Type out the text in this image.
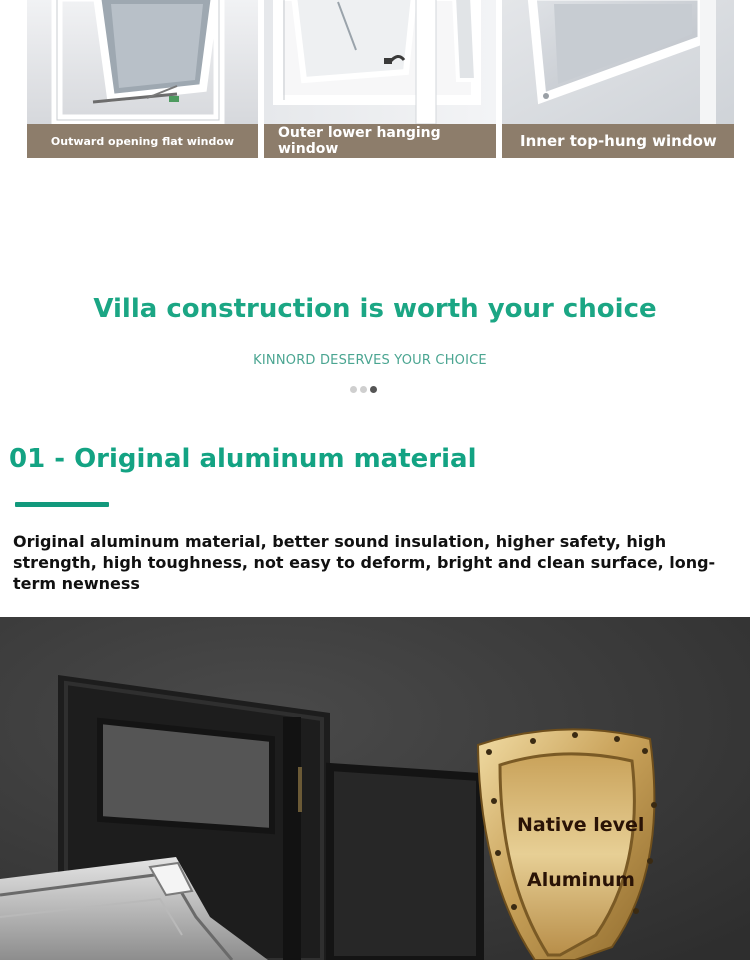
Outward opening flat window	Outer lower hanging window	Inner top-hung window
Villa construction is worth your choice
KINNORD DESERVES YOUR CHOICE
01 - Original aluminum material
Original aluminum material, better sound insulation, higher safety, high strength, high toughness, not easy to deform, bright and clean surface, long-term newness
Native level
Aluminum
